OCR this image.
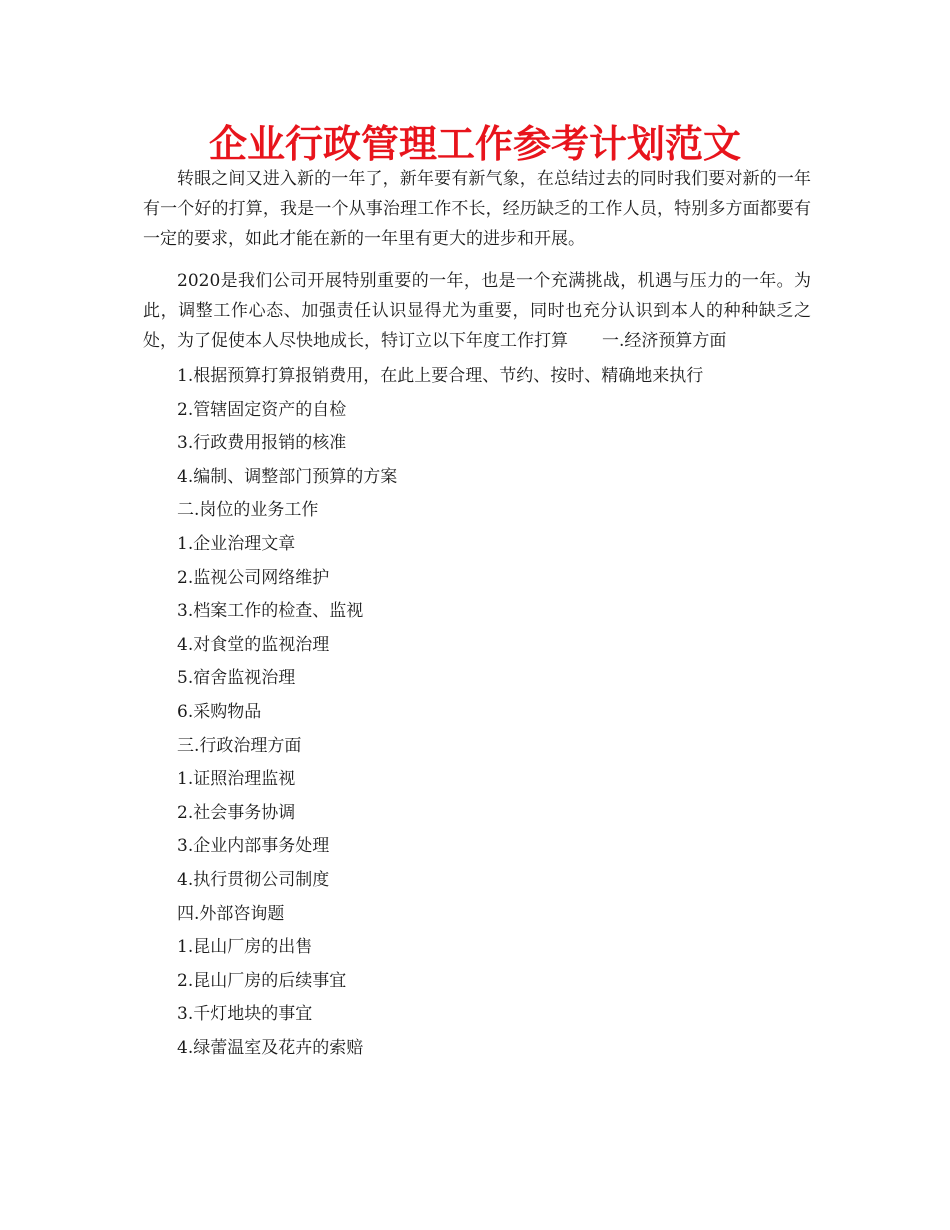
企业行政管理工作参考计划范文

转眼之间又进入新的一年了，新年要有新气象，在总结过去的同时我们要对新的一年有一个好的打算，我是一个从事治理工作不长，经历缺乏的工作人员，特别多方面都要有一定的要求，如此才能在新的一年里有更大的进步和开展。

2020是我们公司开展特别重要的一年，也是一个充满挑战，机遇与压力的一年。为此，调整工作心态、加强责任认识显得尤为重要，同时也充分认识到本人的种种缺乏之处，为了促使本人尽快地成长，特订立以下年度工作打算　　一.经济预算方面

1.根据预算打算报销费用，在此上要合理、节约、按时、精确地来执行

2.管辖固定资产的自检

3.行政费用报销的核准

4.编制、调整部门预算的方案

二.岗位的业务工作

1.企业治理文章

2.监视公司网络维护

3.档案工作的检查、监视

4.对食堂的监视治理

5.宿舍监视治理

6.采购物品

三.行政治理方面

1.证照治理监视

2.社会事务协调

3.企业内部事务处理

4.执行贯彻公司制度

四.外部咨询题

1.昆山厂房的出售

2.昆山厂房的后续事宜

3.千灯地块的事宜

4.绿蕾温室及花卉的索赔
